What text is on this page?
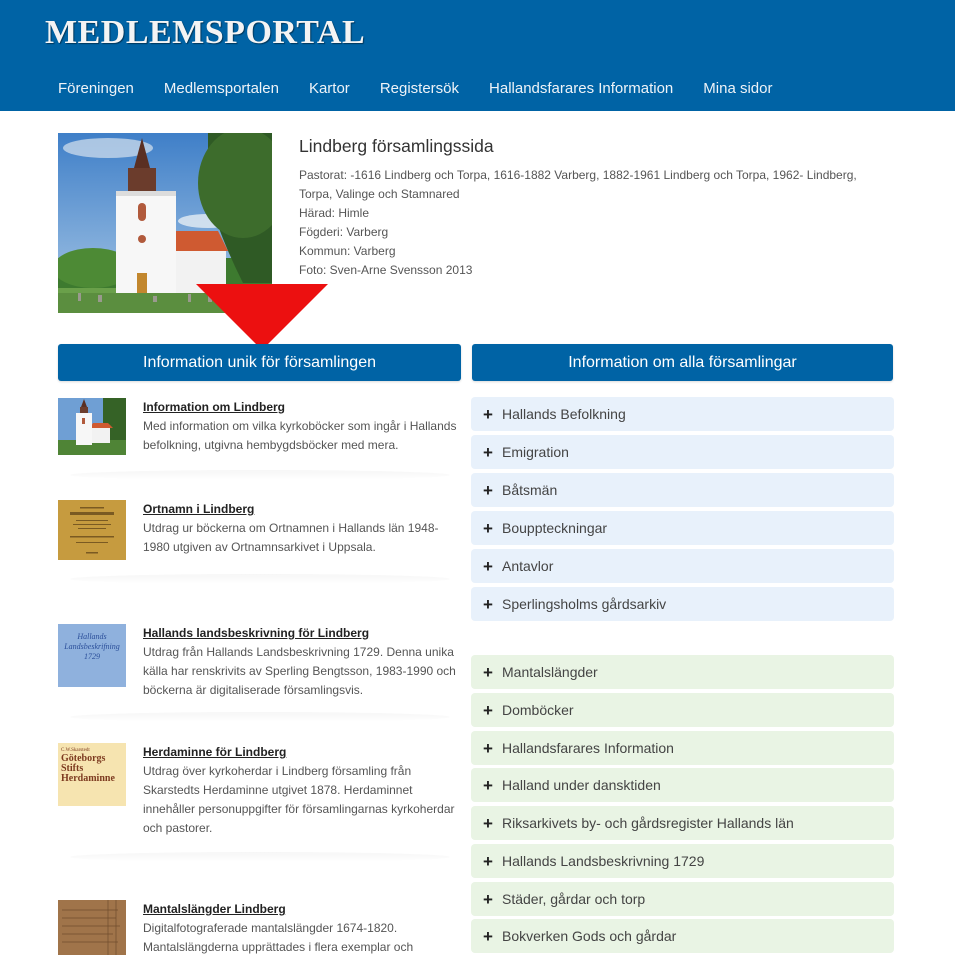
MEDLEMSPORTAL
Föreningen Medlemsportalen Kartor Registersök Hallandsfarares Information Mina sidor
Lindberg församlingssida
Pastorat: -1616 Lindberg och Torpa, 1616-1882 Varberg, 1882-1961 Lindberg och Torpa, 1962- Lindberg, Torpa, Valinge och Stamnared
Härad: Himle
Fögderi: Varberg
Kommun: Varberg
Foto: Sven-Arne Svensson 2013
Information unik för församlingen	Information om alla församlingar
Information om Lindberg
Med information om vilka kyrkoböcker som ingår i Hallands befolkning, utgivna hembygdsböcker med mera.
Ortnamn i Lindberg
Utdrag ur böckerna om Ortnamnen i Hallands län 1948-1980 utgiven av Ortnamnsarkivet i Uppsala.
Hallands
Landsbeskrifning
1729
Hallands landsbeskrivning för Lindberg
Utdrag från Hallands Landsbeskrivning 1729. Denna unika källa har renskrivits av Sperling Bengtsson, 1983-1990 och böckerna är digitaliserade församlingsvis.
C.W.Skarstedt
Göteborgs
Stifts
Herdaminne
Herdaminne för Lindberg
Utdrag över kyrkoherdar i Lindberg församling från Skarstedts Herdaminne utgivet 1878. Herdaminnet innehåller personuppgifter för församlingarnas kyrkoherdar och pastorer.
Mantalslängder Lindberg
Digitalfotograferade mantalslängder 1674-1820. Mantalslängderna upprättades i flera exemplar och
+ Hallands Befolkning
+ Emigration
+ Båtsmän
+ Bouppteckningar
+ Antavlor
+ Sperlingsholms gårdsarkiv
+ Mantalslängder
+ Domböcker
+ Hallandsfarares Information
+ Halland under dansktiden
+ Riksarkivets by- och gårdsregister Hallands län
+ Hallands Landsbeskrivning 1729
+ Städer, gårdar och torp
+ Bokverken Gods och gårdar
